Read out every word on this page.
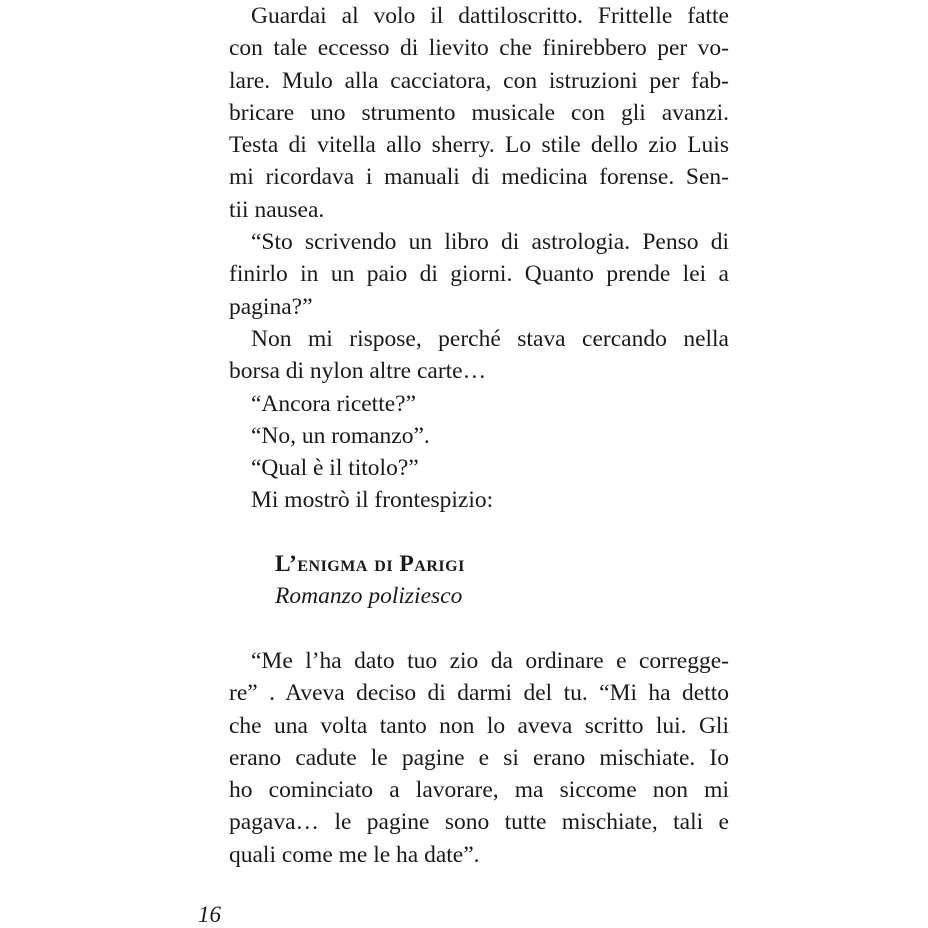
Guardai al volo il dattiloscritto. Frittelle fatte
con tale eccesso di lievito che finirebbero per vo-
lare. Mulo alla cacciatora, con istruzioni per fab-
bricare uno strumento musicale con gli avanzi.
Testa di vitella allo sherry. Lo stile dello zio Luis
mi ricordava i manuali di medicina forense. Sen-
tii nausea.
“Sto scrivendo un libro di astrologia. Penso di
finirlo in un paio di giorni. Quanto prende lei a
pagina?”
Non mi rispose, perché stava cercando nella
borsa di nylon altre carte…
“Ancora ricette?”
“No, un romanzo”.
“Qual è il titolo?”
Mi mostrò il frontespizio:
L’enigma di Parigi
Romanzo poliziesco
“Me l’ha dato tuo zio da ordinare e corregge-
re” . Aveva deciso di darmi del tu. “Mi ha detto
che una volta tanto non lo aveva scritto lui. Gli
erano cadute le pagine e si erano mischiate. Io
ho cominciato a lavorare, ma siccome non mi
pagava… le pagine sono tutte mischiate, tali e
quali come me le ha date”.
16
